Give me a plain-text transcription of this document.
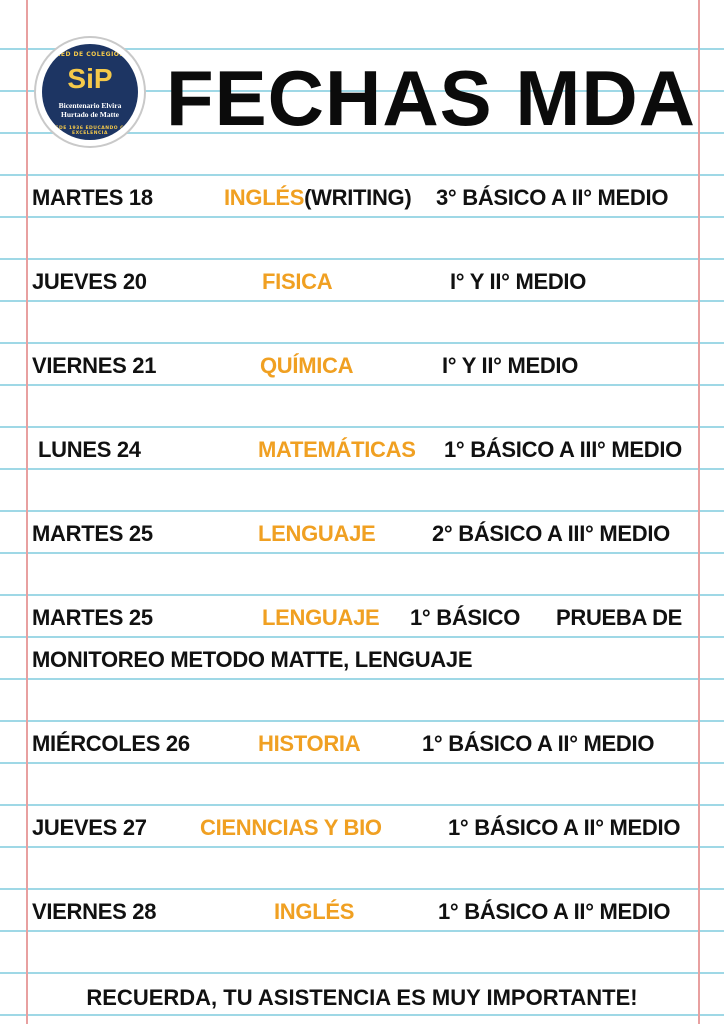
RED DE COLEGIOS
SiP
Bicentenario Elvira
Hurtado de Matte
DESDE 1936 EDUCANDO CON EXCELENCIA FECHAS MDA
MARTES 18	INGLÉS(WRITING) 3° BÁSICO A II° MEDIO
JUEVES 20	FISICA	I° Y II° MEDIO
VIERNES 21	QUÍMICA	I° Y II° MEDIO
LUNES 24	MATEMÁTICAS 1° BÁSICO A III° MEDIO
MARTES 25	LENGUAJE	2° BÁSICO A III° MEDIO
MARTES 25	LENGUAJE 1° BÁSICO PRUEBA DE
MONITOREO METODO MATTE, LENGUAJE
MIÉRCOLES 26	HISTORIA	1° BÁSICO A II° MEDIO
JUEVES 27 CIENNCIAS Y BIO	1° BÁSICO A II° MEDIO
VIERNES 28	INGLÉS	1° BÁSICO A II° MEDIO
RECUERDA, TU ASISTENCIA ES MUY IMPORTANTE!
